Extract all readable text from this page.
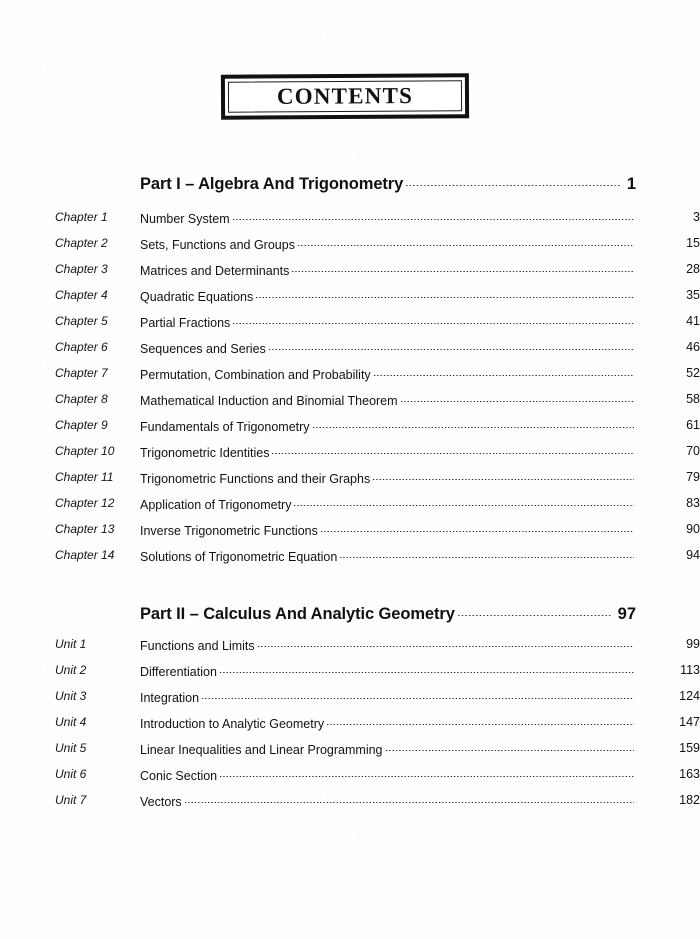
CONTENTS
Part I – Algebra And Trigonometry	1
Chapter 1	Number System	3
Chapter 2	Sets, Functions and Groups	15
Chapter 3	Matrices and Determinants	28
Chapter 4	Quadratic Equations	35
Chapter 5	Partial Fractions	41
Chapter 6	Sequences and Series	46
Chapter 7	Permutation, Combination and Probability	52
Chapter 8	Mathematical Induction and Binomial Theorem	58
Chapter 9	Fundamentals of Trigonometry	61
Chapter 10 Trigonometric Identities	70
Chapter 11 Trigonometric Functions and their Graphs	79
Chapter 12 Application of Trigonometry	83
Chapter 13 Inverse Trigonometric Functions	90
Chapter 14 Solutions of Trigonometric Equation	94
Part II – Calculus And Analytic Geometry	97
Unit 1	Functions and Limits	99
Unit 2	Differentiation	113
Unit 3	Integration	124
Unit 4	Introduction to Analytic Geometry	147
Unit 5	Linear Inequalities and Linear Programming	159
Unit 6	Conic Section	163
Unit 7	Vectors	182
